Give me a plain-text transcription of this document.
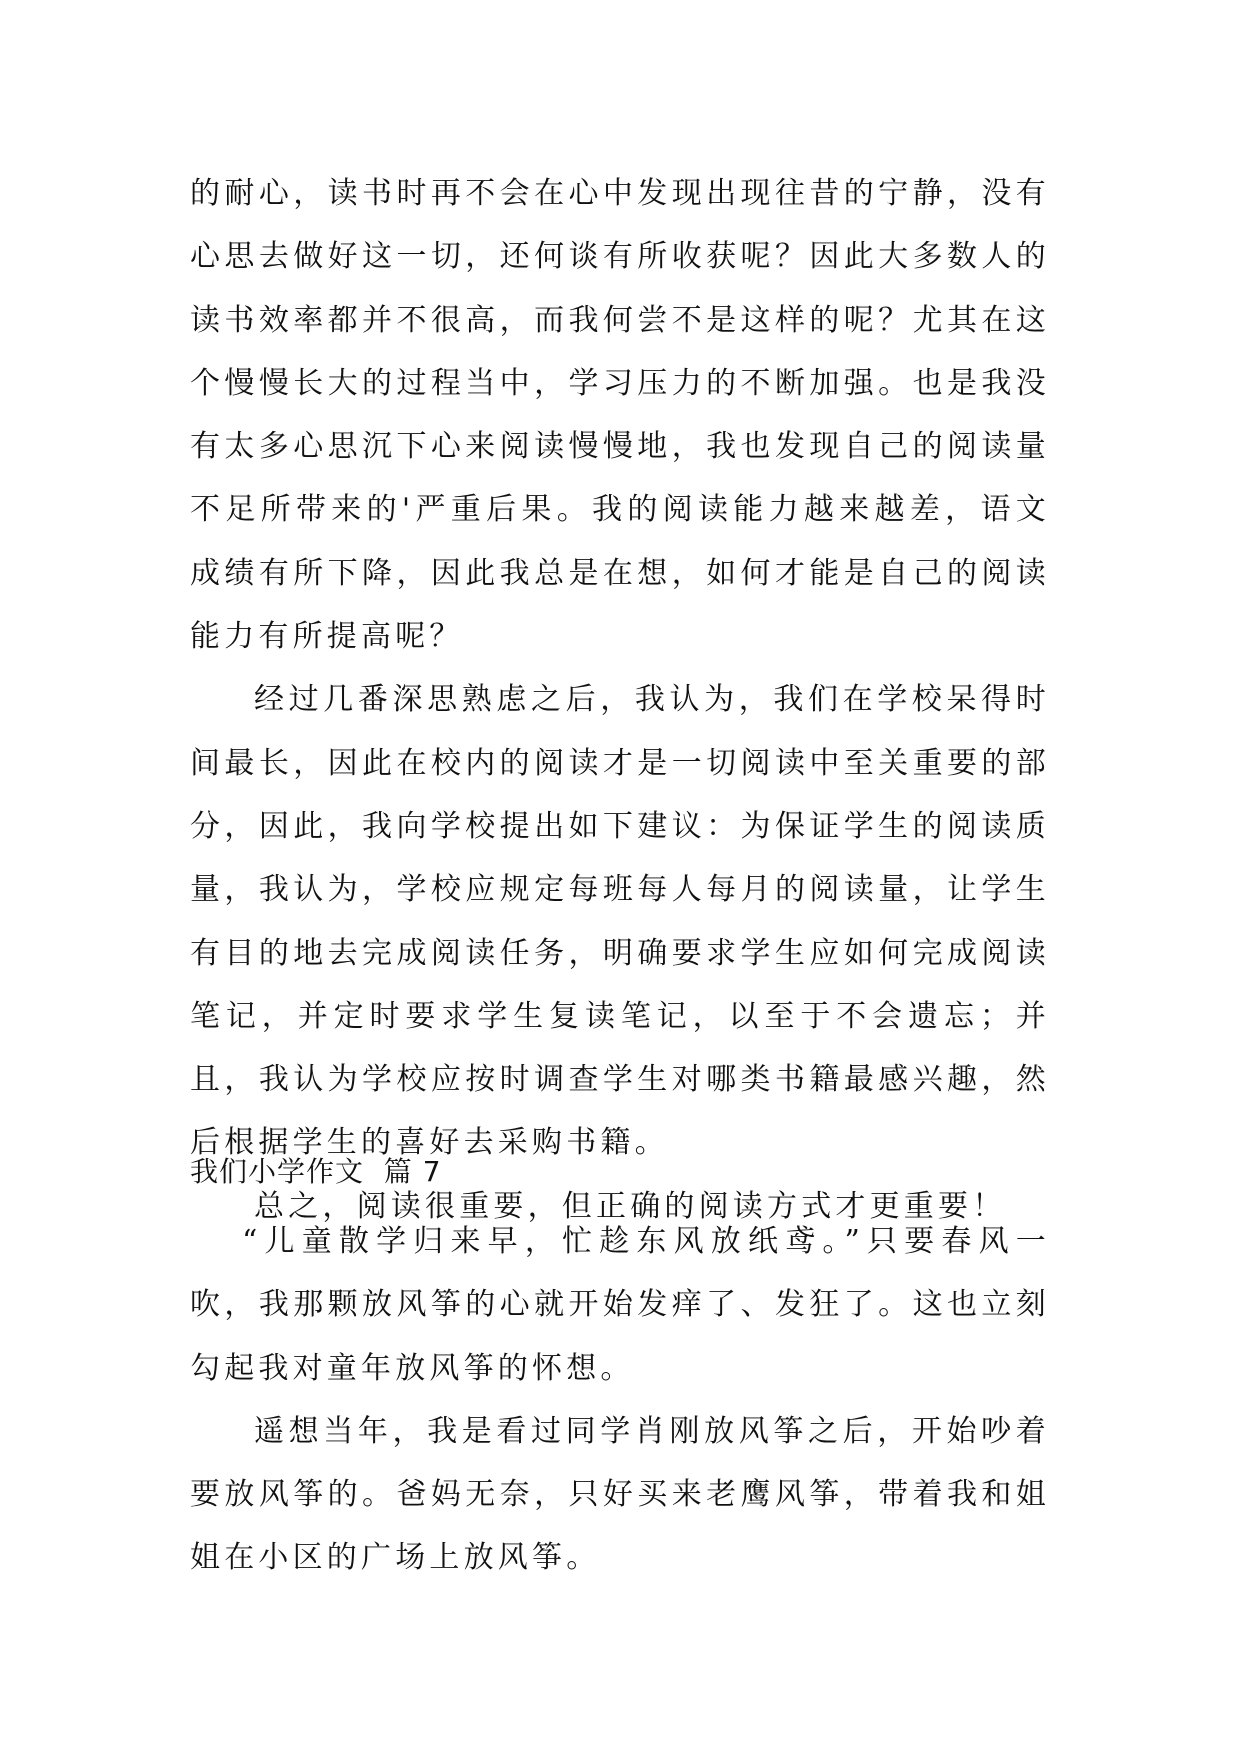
的耐心，读书时再不会在心中发现出现往昔的宁静，没有心思去做好这一切，还何谈有所收获呢？因此大多数人的读书效率都并不很高，而我何尝不是这样的呢？尤其在这个慢慢长大的过程当中，学习压力的不断加强。也是我没有太多心思沉下心来阅读慢慢地，我也发现自己的阅读量不足所带来的'严重后果。我的阅读能力越来越差，语文成绩有所下降，因此我总是在想，如何才能是自己的阅读能力有所提高呢？

经过几番深思熟虑之后，我认为，我们在学校呆得时间最长，因此在校内的阅读才是一切阅读中至关重要的部分，因此，我向学校提出如下建议：为保证学生的阅读质量，我认为，学校应规定每班每人每月的阅读量，让学生有目的地去完成阅读任务，明确要求学生应如何完成阅读笔记，并定时要求学生复读笔记，以至于不会遗忘；并且，我认为学校应按时调查学生对哪类书籍最感兴趣，然后根据学生的喜好去采购书籍。

总之，阅读很重要，但正确的阅读方式才更重要！

我们小学作文  篇 7

“儿童散学归来早，忙趁东风放纸鸢。”只要春风一吹，我那颗放风筝的心就开始发痒了、发狂了。这也立刻勾起我对童年放风筝的怀想。

遥想当年，我是看过同学肖刚放风筝之后，开始吵着要放风筝的。爸妈无奈，只好买来老鹰风筝，带着我和姐姐在小区的广场上放风筝。
